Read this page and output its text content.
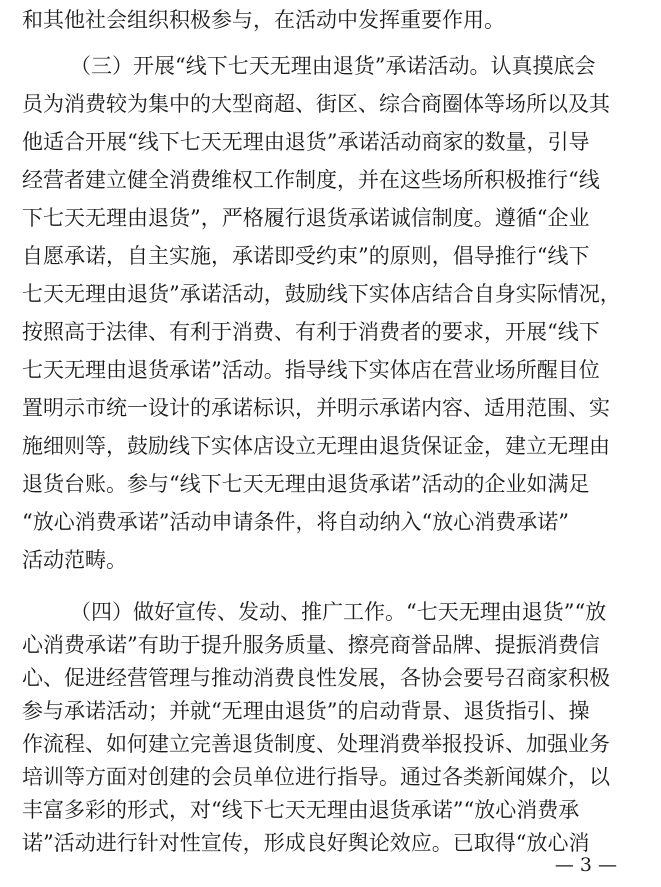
和其他社会组织积极参与，在活动中发挥重要作用。
（三）开展“线下七天无理由退货”承诺活动。认真摸底会
员为消费较为集中的大型商超、街区、综合商圈体等场所以及其
他适合开展“线下七天无理由退货”承诺活动商家的数量，引导
经营者建立健全消费维权工作制度，并在这些场所积极推行“线
下七天无理由退货”，严格履行退货承诺诚信制度。遵循“企业
自愿承诺，自主实施，承诺即受约束”的原则，倡导推行“线下
七天无理由退货”承诺活动，鼓励线下实体店结合自身实际情况，
按照高于法律、有利于消费、有利于消费者的要求，开展“线下
七天无理由退货承诺”活动。指导线下实体店在营业场所醒目位
置明示市统一设计的承诺标识，并明示承诺内容、适用范围、实
施细则等，鼓励线下实体店设立无理由退货保证金，建立无理由
退货台账。参与“线下七天无理由退货承诺”活动的企业如满足
“放心消费承诺”活动申请条件，将自动纳入“放心消费承诺”
活动范畴。
（四）做好宣传、发动、推广工作。“七天无理由退货”“放
心消费承诺”有助于提升服务质量、擦亮商誉品牌、提振消费信
心、促进经营管理与推动消费良性发展，各协会要号召商家积极
参与承诺活动；并就“无理由退货”的启动背景、退货指引、操
作流程、如何建立完善退货制度、处理消费举报投诉、加强业务
培训等方面对创建的会员单位进行指导。通过各类新闻媒介，以
— 3 —
丰富多彩的形式，对“线下七天无理由退货承诺”“放心消费承
诺”活动进行针对性宣传，形成良好舆论效应。已取得“放心消
